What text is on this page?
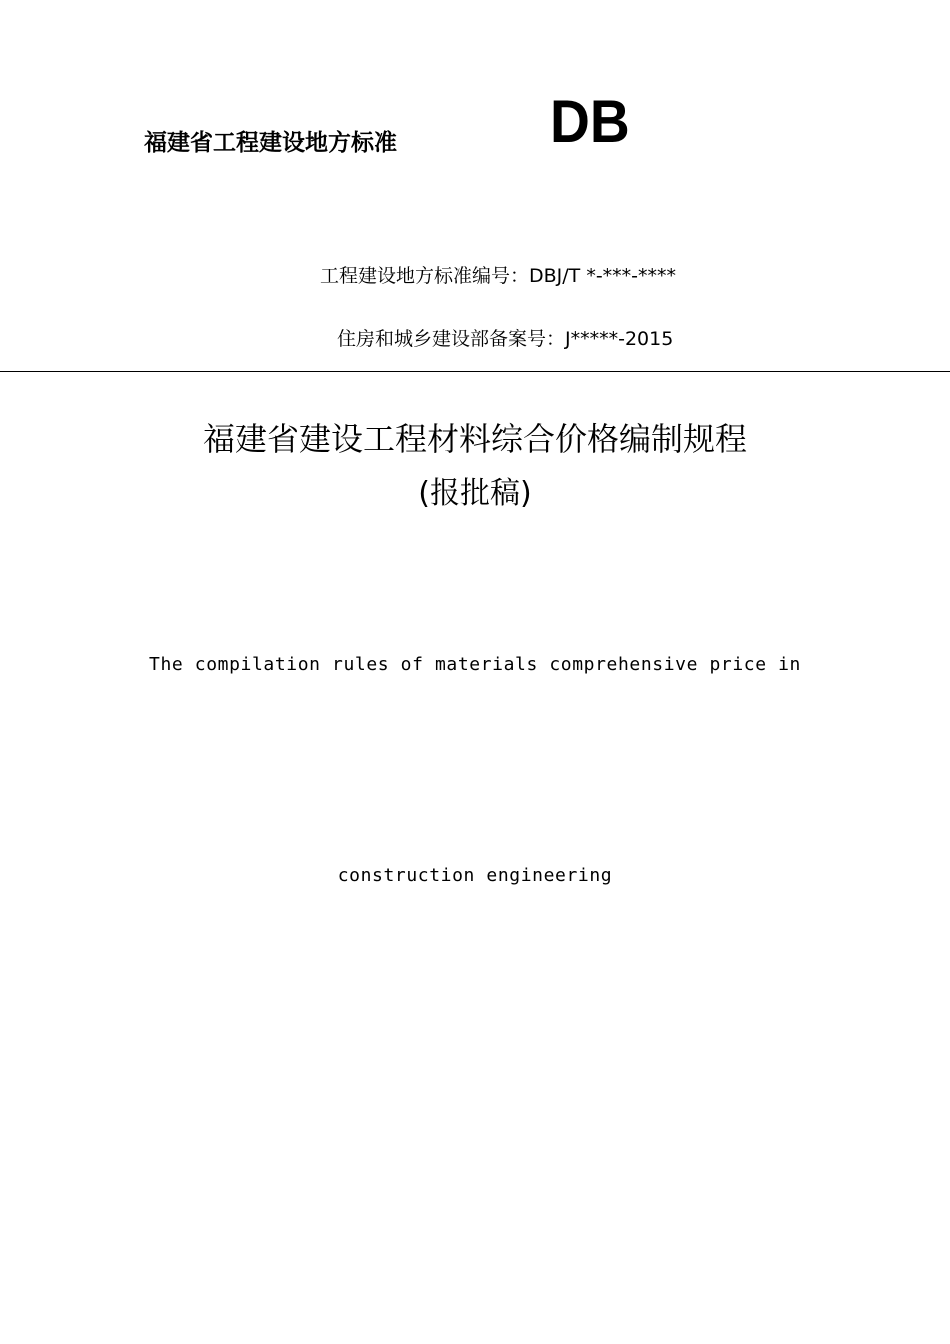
福建省工程建设地方标准	DB
工程建设地方标准编号：DBJ/T *-***-****
住房和城乡建设部备案号：J*****-2015
福建省建设工程材料综合价格编制规程
(报批稿)
The compilation rules of materials comprehensive price in
construction engineering
